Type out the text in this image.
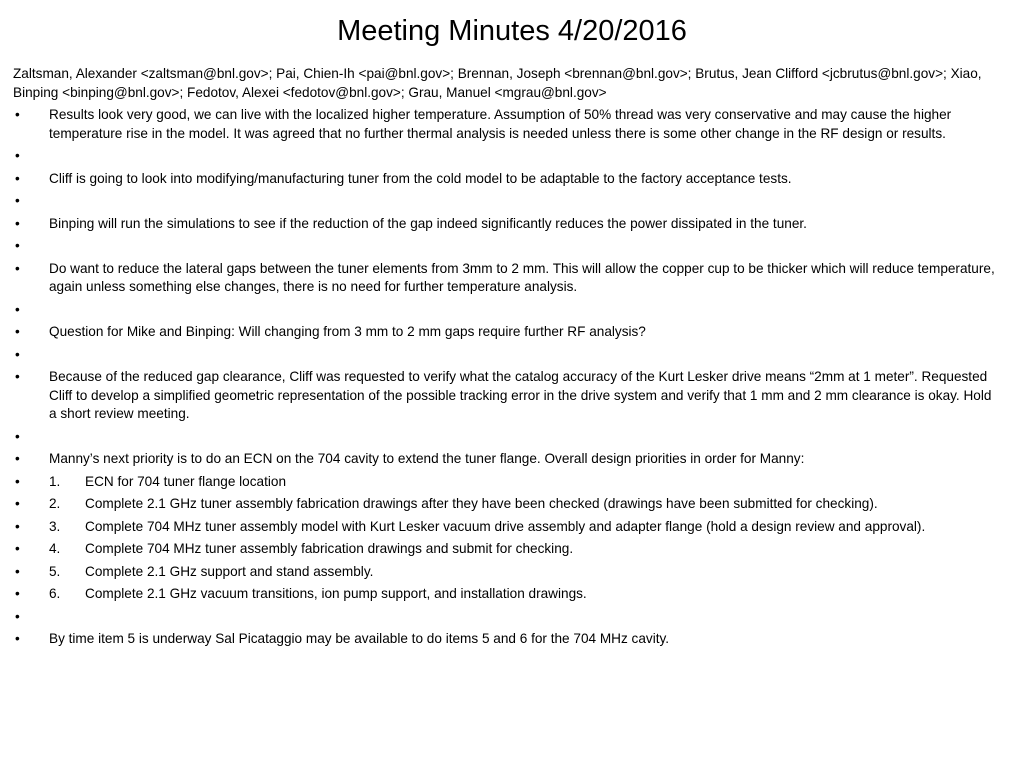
Meeting Minutes 4/20/2016

Zaltsman, Alexander <zaltsman@bnl.gov>; Pai, Chien-Ih <pai@bnl.gov>; Brennan, Joseph <brennan@bnl.gov>; Brutus, Jean Clifford <jcbrutus@bnl.gov>; Xiao, Binping <binping@bnl.gov>; Fedotov, Alexei <fedotov@bnl.gov>; Grau, Manuel <mgrau@bnl.gov>

• Results look very good, we can live with the localized higher temperature. Assumption of 50% thread was very conservative and may cause the higher temperature rise in the model. It was agreed that no further thermal analysis is needed unless there is some other change in the RF design or results.
•
• Cliff is going to look into modifying/manufacturing tuner from the cold model to be adaptable to the factory acceptance tests.
•
• Binping will run the simulations to see if the reduction of the gap indeed significantly reduces the power dissipated in the tuner.
•
• Do want to reduce the lateral gaps between the tuner elements from 3mm to 2 mm. This will allow the copper cup to be thicker which will reduce temperature, again unless something else changes, there is no need for further temperature analysis.
•
• Question for Mike and Binping: Will changing from 3 mm to 2 mm gaps require further RF analysis?
•
• Because of the reduced gap clearance, Cliff was requested to verify what the catalog accuracy of the Kurt Lesker drive means “2mm at 1 meter”. Requested Cliff to develop a simplified geometric representation of the possible tracking error in the drive system and verify that 1 mm and 2 mm clearance is okay. Hold a short review meeting.
•
• Manny’s next priority is to do an ECN on the 704 cavity to extend the tuner flange. Overall design priorities in order for Manny:
• 1. ECN for 704 tuner flange location
• 2. Complete 2.1 GHz tuner assembly fabrication drawings after they have been checked (drawings have been submitted for checking).
• 3. Complete 704 MHz tuner assembly model with Kurt Lesker vacuum drive assembly and adapter flange (hold a design review and approval).
• 4. Complete 704 MHz tuner assembly fabrication drawings and submit for checking.
• 5. Complete 2.1 GHz support and stand assembly.
• 6. Complete 2.1 GHz vacuum transitions, ion pump support, and installation drawings.
•
• By time item 5 is underway Sal Picataggio may be available to do items 5 and 6 for the 704 MHz cavity.
